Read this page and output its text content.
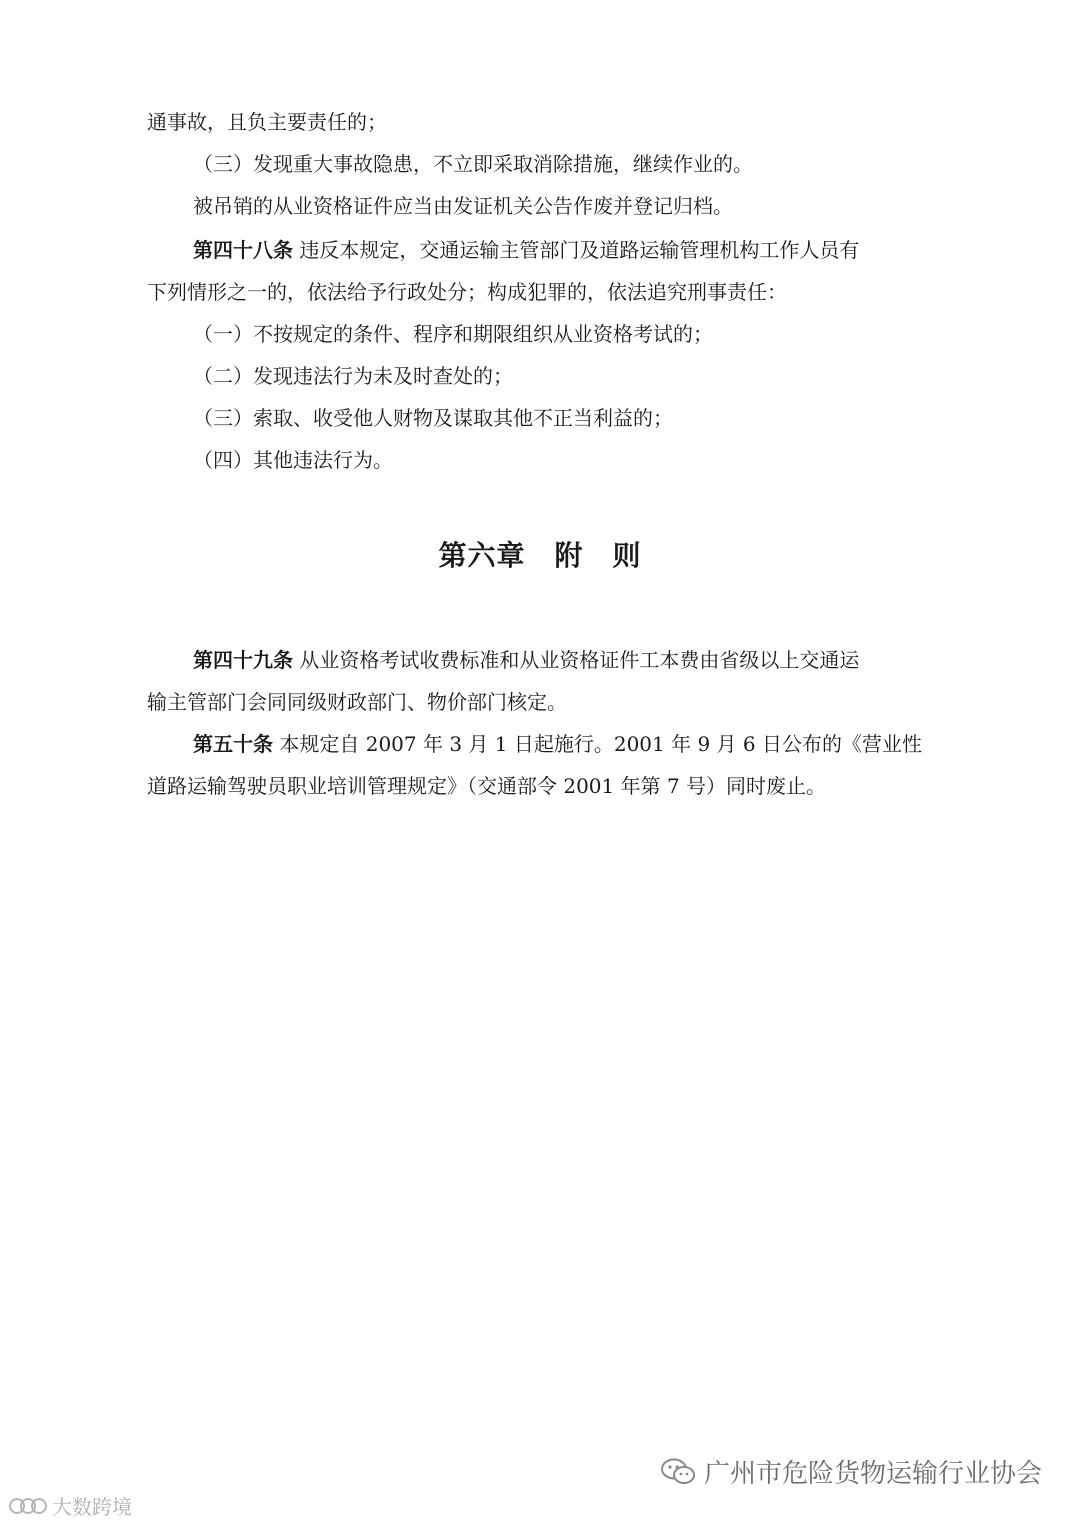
通事故，且负主要责任的；

（三）发现重大事故隐患，不立即采取消除措施，继续作业的。

被吊销的从业资格证件应当由发证机关公告作废并登记归档。

第四十八条 违反本规定，交通运输主管部门及道路运输管理机构工作人员有

下列情形之一的，依法给予行政处分；构成犯罪的，依法追究刑事责任：

（一）不按规定的条件、程序和期限组织从业资格考试的；

（二）发现违法行为未及时查处的；

（三）索取、收受他人财物及谋取其他不正当利益的；

（四）其他违法行为。

第六章　附　则

第四十九条 从业资格考试收费标准和从业资格证件工本费由省级以上交通运

输主管部门会同同级财政部门、物价部门核定。

第五十条 本规定自 2007 年 3 月 1 日起施行。2001 年 9 月 6 日公布的《营业性

道路运输驾驶员职业培训管理规定》（交通部令 2001 年第 7 号）同时废止。

广州市危险货物运输行业协会
大数跨境
